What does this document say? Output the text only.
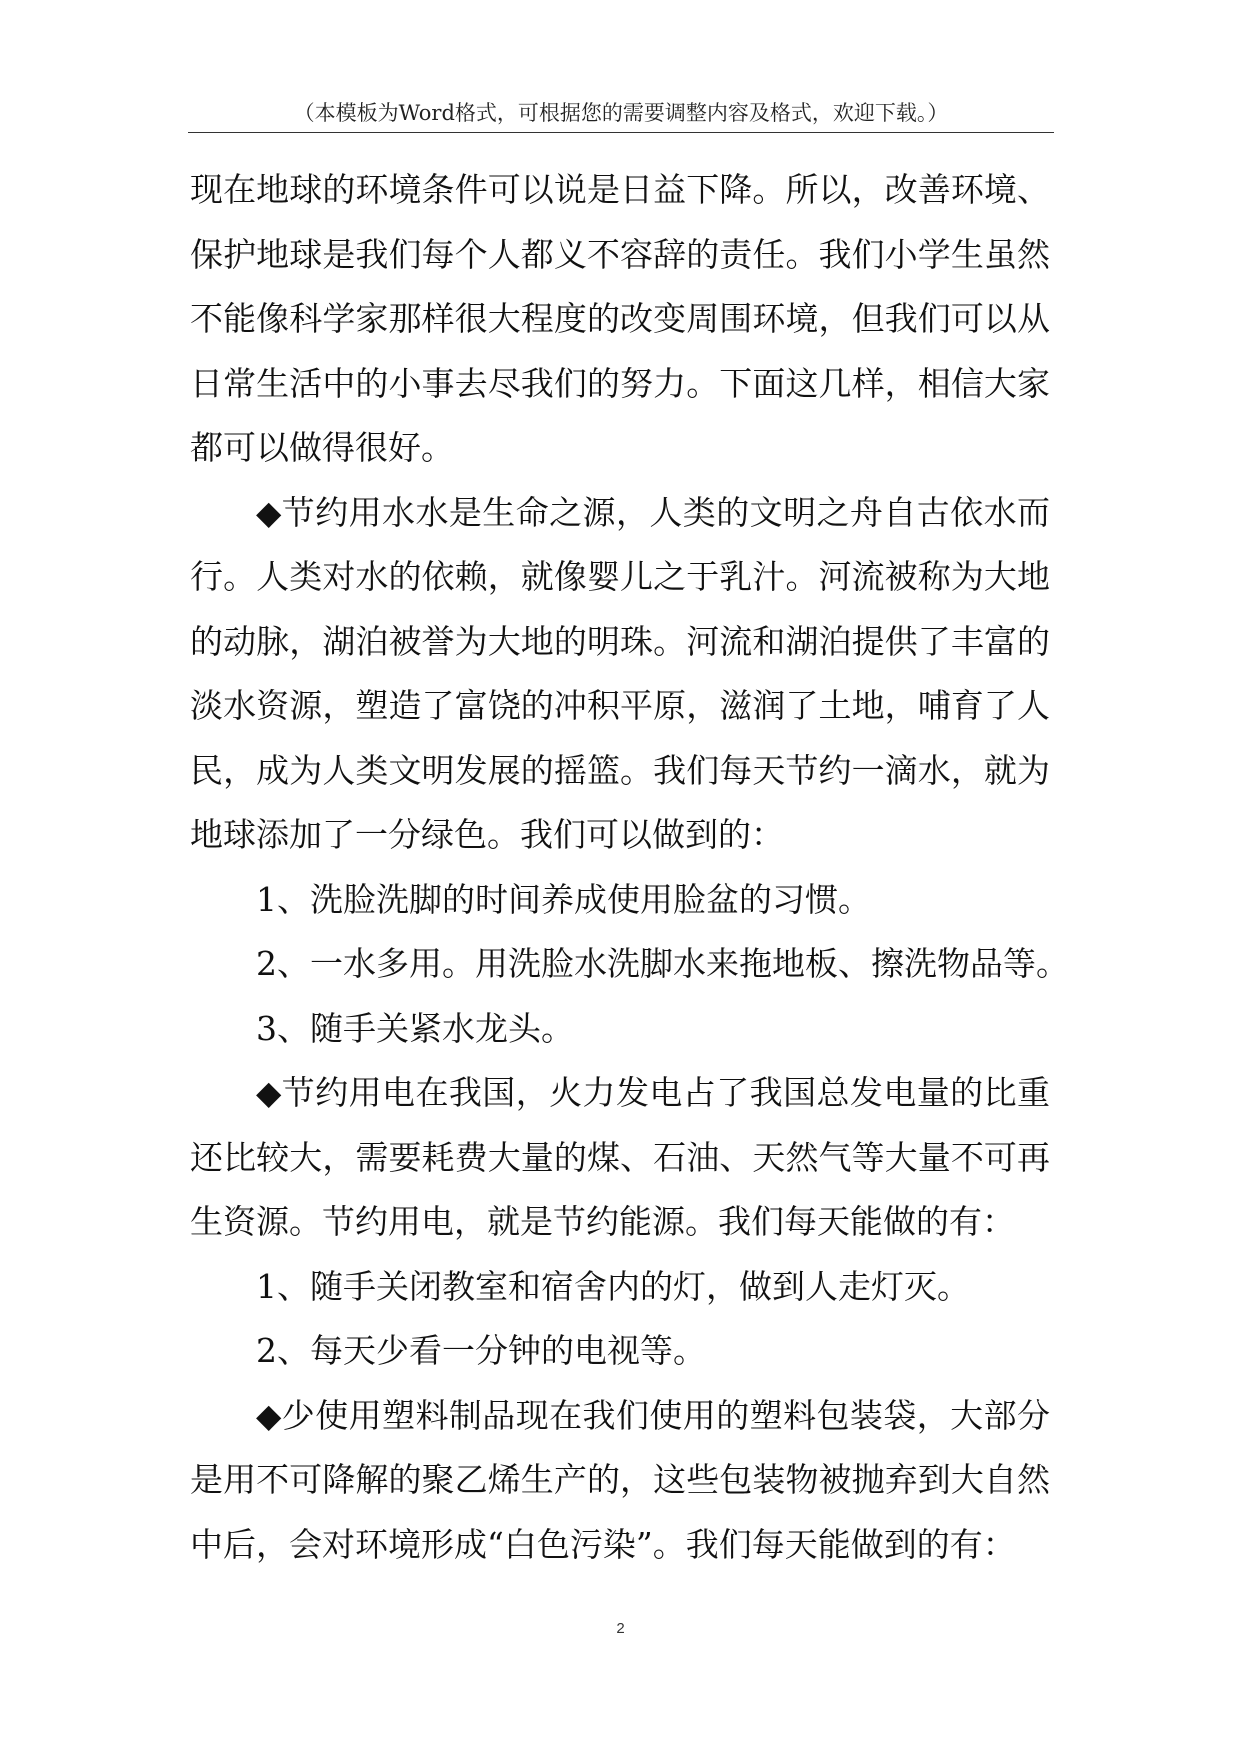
（本模板为Word格式，可根据您的需要调整内容及格式，欢迎下载。）

现在地球的环境条件可以说是日益下降。所以，改善环境、保护地球是我们每个人都义不容辞的责任。我们小学生虽然不能像科学家那样很大程度的改变周围环境，但我们可以从日常生活中的小事去尽我们的努力。下面这几样，相信大家都可以做得很好。

◆节约用水水是生命之源，人类的文明之舟自古依水而行。人类对水的依赖，就像婴儿之于乳汁。河流被称为大地的动脉，湖泊被誉为大地的明珠。河流和湖泊提供了丰富的淡水资源，塑造了富饶的冲积平原，滋润了土地，哺育了人民，成为人类文明发展的摇篮。我们每天节约一滴水，就为地球添加了一分绿色。我们可以做到的：

1、洗脸洗脚的时间养成使用脸盆的习惯。

2、一水多用。用洗脸水洗脚水来拖地板、擦洗物品等。

3、随手关紧水龙头。

◆节约用电在我国，火力发电占了我国总发电量的比重还比较大，需要耗费大量的煤、石油、天然气等大量不可再生资源。节约用电，就是节约能源。我们每天能做的有：

1、随手关闭教室和宿舍内的灯，做到人走灯灭。

2、每天少看一分钟的电视等。

◆少使用塑料制品现在我们使用的塑料包装袋，大部分是用不可降解的聚乙烯生产的，这些包装物被抛弃到大自然中后，会对环境形成“白色污染”。我们每天能做到的有：

2
